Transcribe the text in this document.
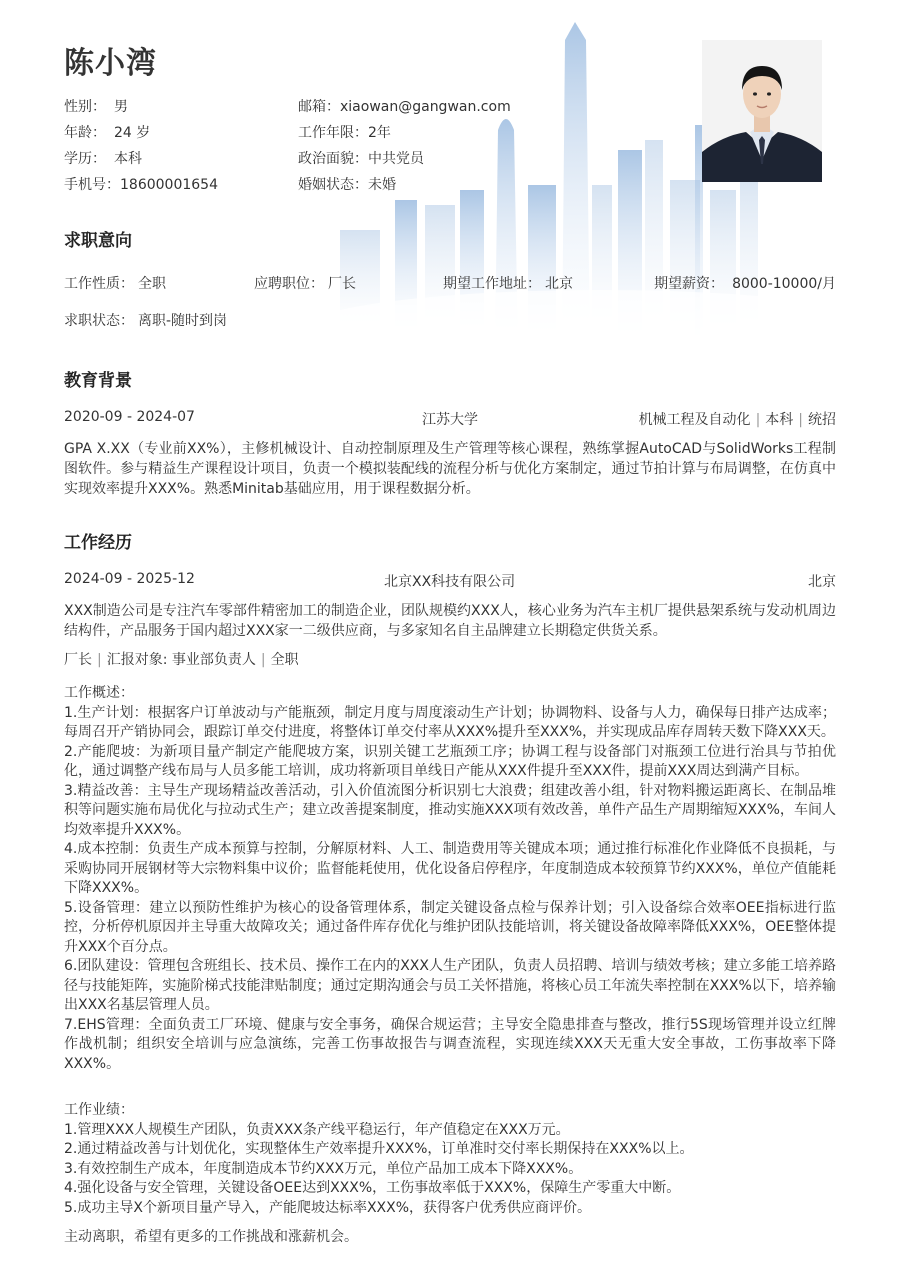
陈小湾
性别： 男
年龄： 24 岁
学历： 本科
手机号：18600001654
邮箱：xiaowan@gangwan.com
工作年限：2年
政治面貌：中共党员
婚姻状态：未婚
求职意向
工作性质： 全职	应聘职位： 厂长	期望工作地址： 北京	期望薪资： 8000-10000/月
求职状态： 离职-随时到岗
教育背景
2020-09 - 2024-07	江苏大学	机械工程及自动化 | 本科 | 统招
GPA X.XX（专业前XX%），主修机械设计、自动控制原理及生产管理等核心课程，熟练掌握AutoCAD与SolidWorks工程制图软件。参与精益生产课程设计项目，负责一个模拟装配线的流程分析与优化方案制定，通过节拍计算与布局调整，在仿真中实现效率提升XXX%。熟悉Minitab基础应用，用于课程数据分析。
工作经历
2024-09 - 2025-12	北京XX科技有限公司	北京
XXX制造公司是专注汽车零部件精密加工的制造企业，团队规模约XXX人，核心业务为汽车主机厂提供悬架系统与发动机周边结构件，产品服务于国内超过XXX家一二级供应商，与多家知名自主品牌建立长期稳定供货关系。
厂长 | 汇报对象: 事业部负责人 | 全职
工作概述：
1.生产计划：根据客户订单波动与产能瓶颈，制定月度与周度滚动生产计划；协调物料、设备与人力，确保每日排产达成率；每周召开产销协同会，跟踪订单交付进度，将整体订单交付率从XXX%提升至XXX%，并实现成品库存周转天数下降XXX天。
2.产能爬坡：为新项目量产制定产能爬坡方案，识别关键工艺瓶颈工序；协调工程与设备部门对瓶颈工位进行治具与节拍优化，通过调整产线布局与人员多能工培训，成功将新项目单线日产能从XXX件提升至XXX件，提前XXX周达到满产目标。
3.精益改善：主导生产现场精益改善活动，引入价值流图分析识别七大浪费；组建改善小组，针对物料搬运距离长、在制品堆积等问题实施布局优化与拉动式生产；建立改善提案制度，推动实施XXX项有效改善，单件产品生产周期缩短XXX%，车间人均效率提升XXX%。
4.成本控制：负责生产成本预算与控制，分解原材料、人工、制造费用等关键成本项；通过推行标准化作业降低不良损耗，与采购协同开展钢材等大宗物料集中议价；监督能耗使用，优化设备启停程序，年度制造成本较预算节约XXX%，单位产值能耗下降XXX%。
5.设备管理：建立以预防性维护为核心的设备管理体系，制定关键设备点检与保养计划；引入设备综合效率OEE指标进行监控，分析停机原因并主导重大故障攻关；通过备件库存优化与维护团队技能培训，将关键设备故障率降低XXX%，OEE整体提升XXX个百分点。
6.团队建设：管理包含班组长、技术员、操作工在内的XXX人生产团队，负责人员招聘、培训与绩效考核；建立多能工培养路径与技能矩阵，实施阶梯式技能津贴制度；通过定期沟通会与员工关怀措施，将核心员工年流失率控制在XXX%以下，培养输出XXX名基层管理人员。
7.EHS管理：全面负责工厂环境、健康与安全事务，确保合规运营；主导安全隐患排查与整改，推行5S现场管理并设立红牌作战机制；组织安全培训与应急演练，完善工伤事故报告与调查流程，实现连续XXX天无重大安全事故，工伤事故率下降XXX%。
工作业绩：
1.管理XXX人规模生产团队，负责XXX条产线平稳运行，年产值稳定在XXX万元。
2.通过精益改善与计划优化，实现整体生产效率提升XXX%，订单准时交付率长期保持在XXX%以上。
3.有效控制生产成本，年度制造成本节约XXX万元，单位产品加工成本下降XXX%。
4.强化设备与安全管理，关键设备OEE达到XXX%，工伤事故率低于XXX%，保障生产零重大中断。
5.成功主导X个新项目量产导入，产能爬坡达标率XXX%，获得客户优秀供应商评价。
主动离职，希望有更多的工作挑战和涨薪机会。
